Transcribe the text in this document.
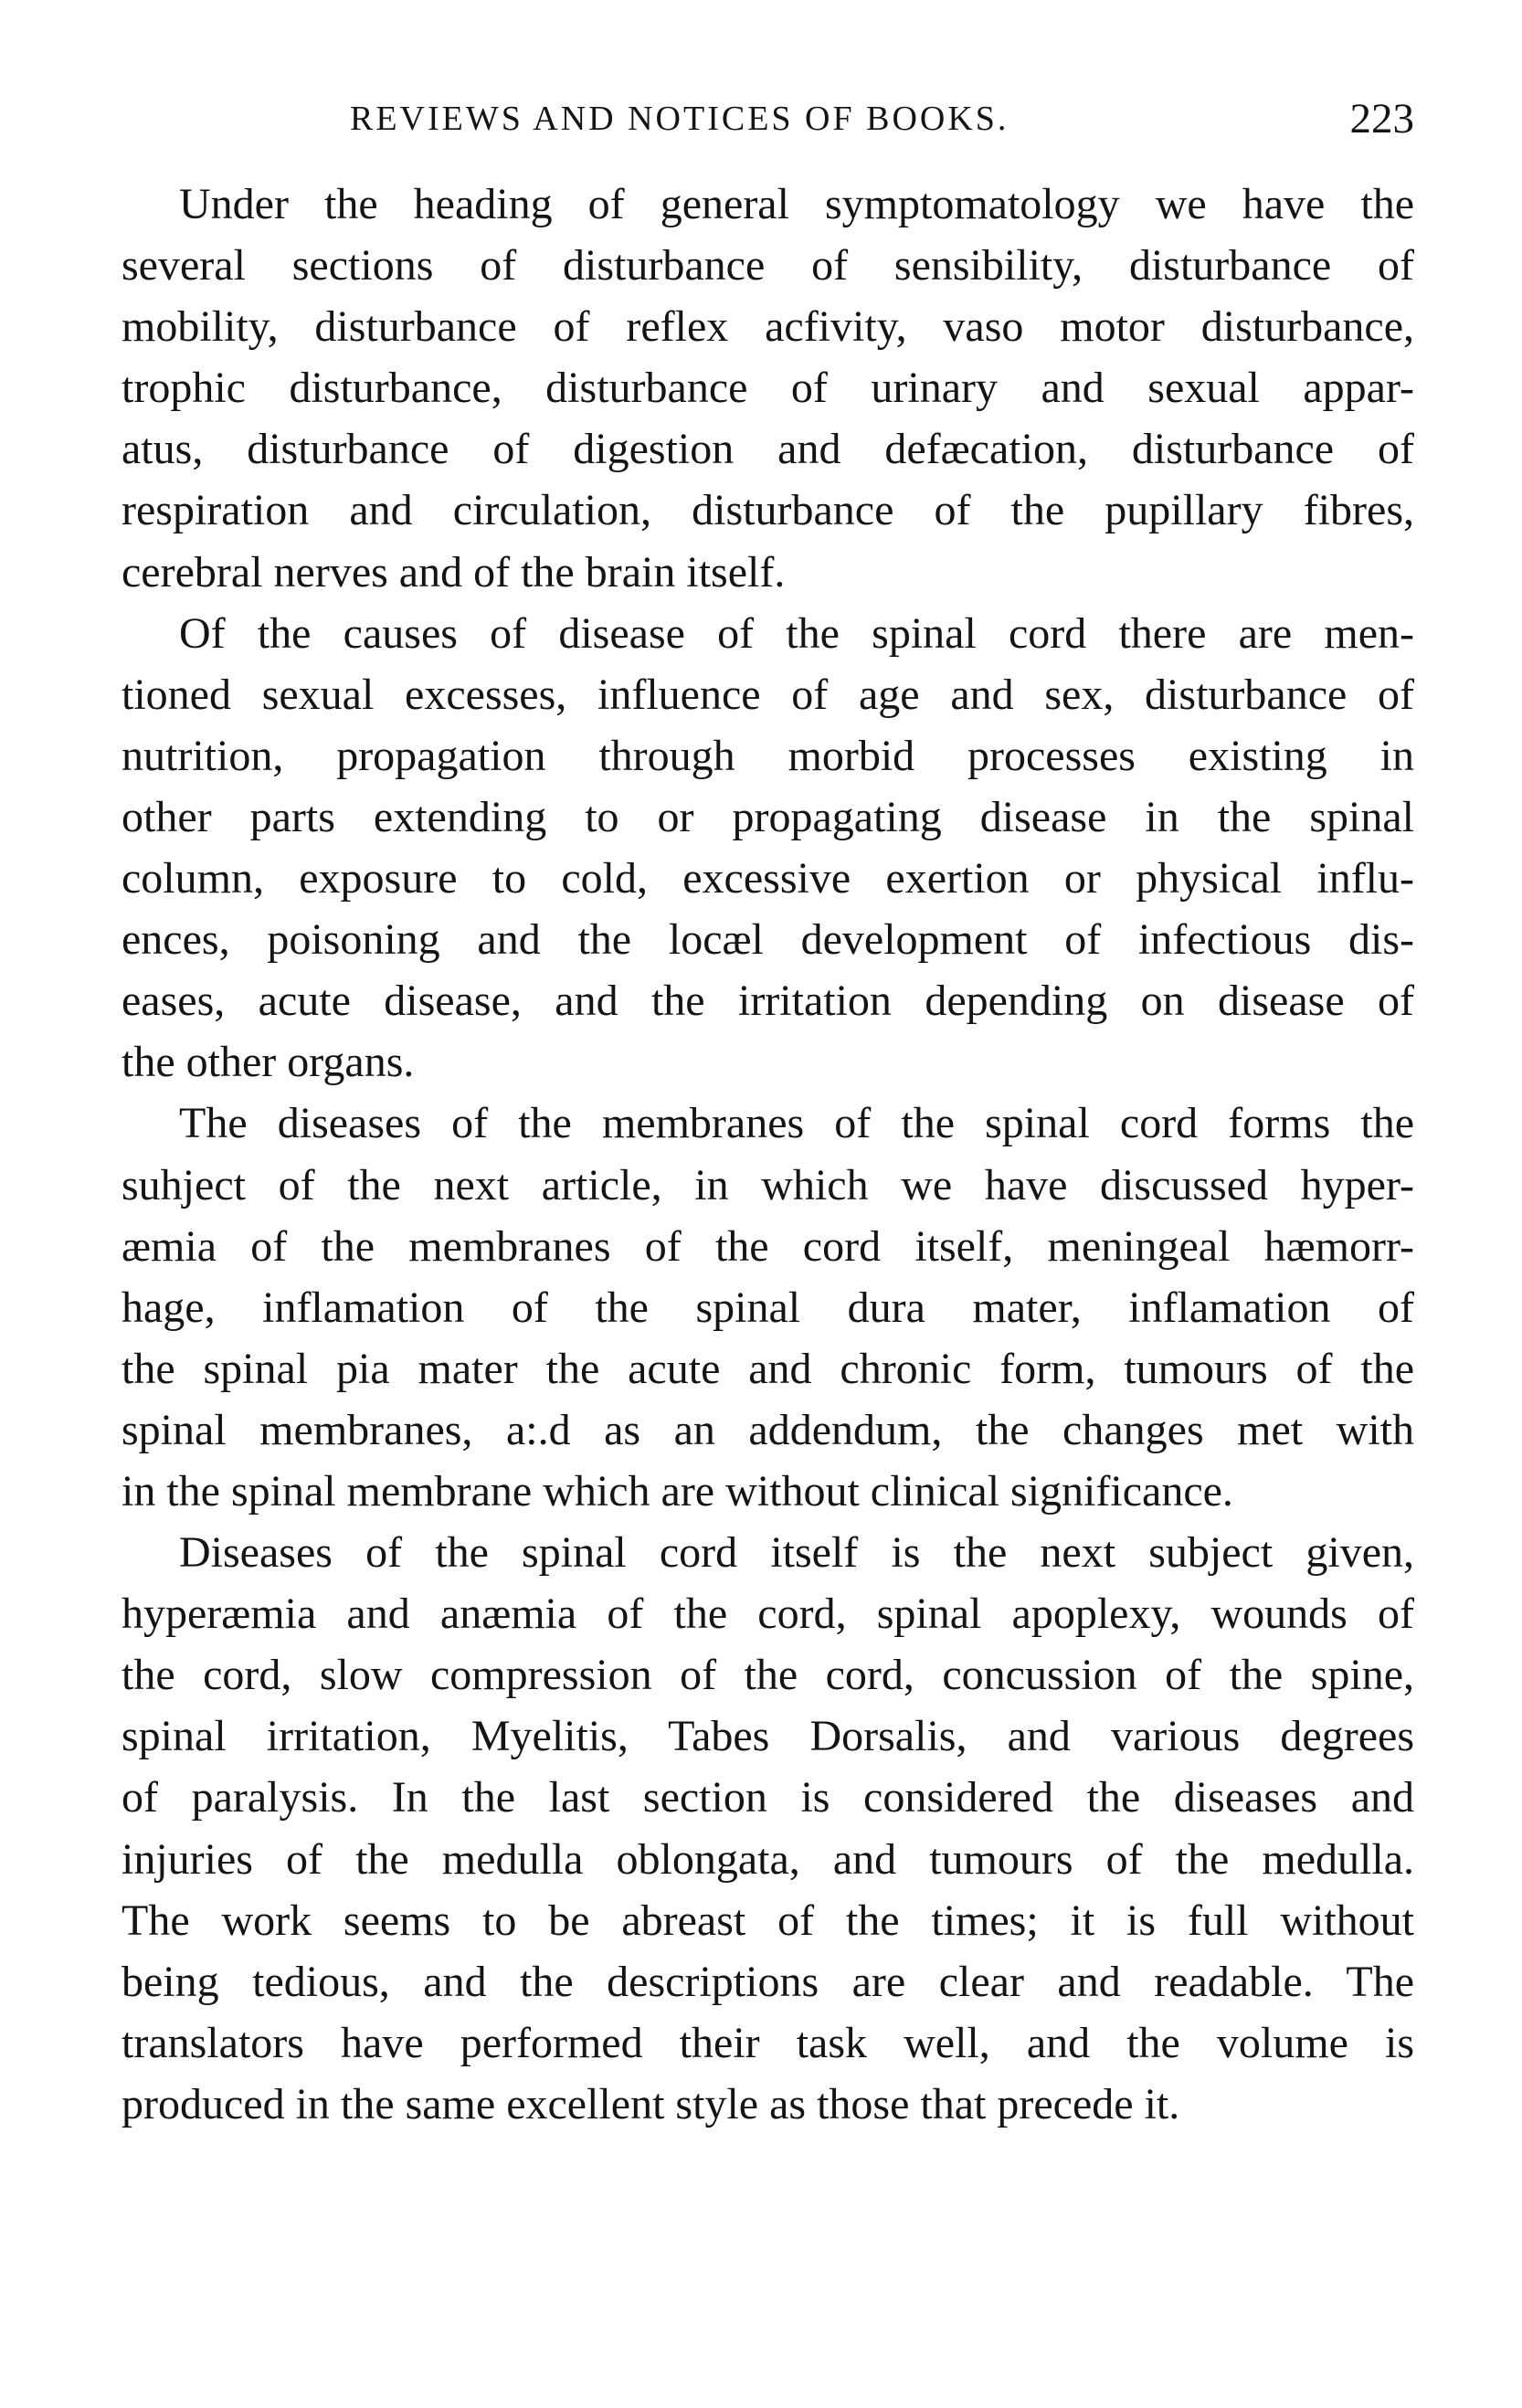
REVIEWS AND NOTICES OF BOOKS.	223
Under the heading of general symptomatology we have the
several sections of disturbance of sensibility, disturbance of
mobility, disturbance of reflex acfivity, vaso motor disturbance,
trophic disturbance, disturbance of urinary and sexual appar-
atus, disturbance of digestion and defæcation, disturbance of
respiration and circulation, disturbance of the pupillary fibres,
cerebral nerves and of the brain itself.
Of the causes of disease of the spinal cord there are men-
tioned sexual excesses, influence of age and sex, disturbance of
nutrition, propagation through morbid processes existing in
other parts extending to or propagating disease in the spinal
column, exposure to cold, excessive exertion or physical influ-
ences, poisoning and the locæl development of infectious dis-
eases, acute disease, and the irritation depending on disease of
the other organs.
The diseases of the membranes of the spinal cord forms the
suhject of the next article, in which we have discussed hyper-
æmia of the membranes of the cord itself, meningeal hæmorr-
hage, inflamation of the spinal dura mater, inflamation of
the spinal pia mater the acute and chronic form, tumours of the
spinal membranes, a:.d as an addendum, the changes met with
in the spinal membrane which are without clinical significance.
Diseases of the spinal cord itself is the next subject given,
hyperæmia and anæmia of the cord, spinal apoplexy, wounds of
the cord, slow compression of the cord, concussion of the spine,
spinal irritation, Myelitis, Tabes Dorsalis, and various degrees
of paralysis. In the last section is considered the diseases and
injuries of the medulla oblongata, and tumours of the medulla.
The work seems to be abreast of the times; it is full without
being tedious, and the descriptions are clear and readable. The
translators have performed their task well, and the volume is
produced in the same excellent style as those that precede it.
